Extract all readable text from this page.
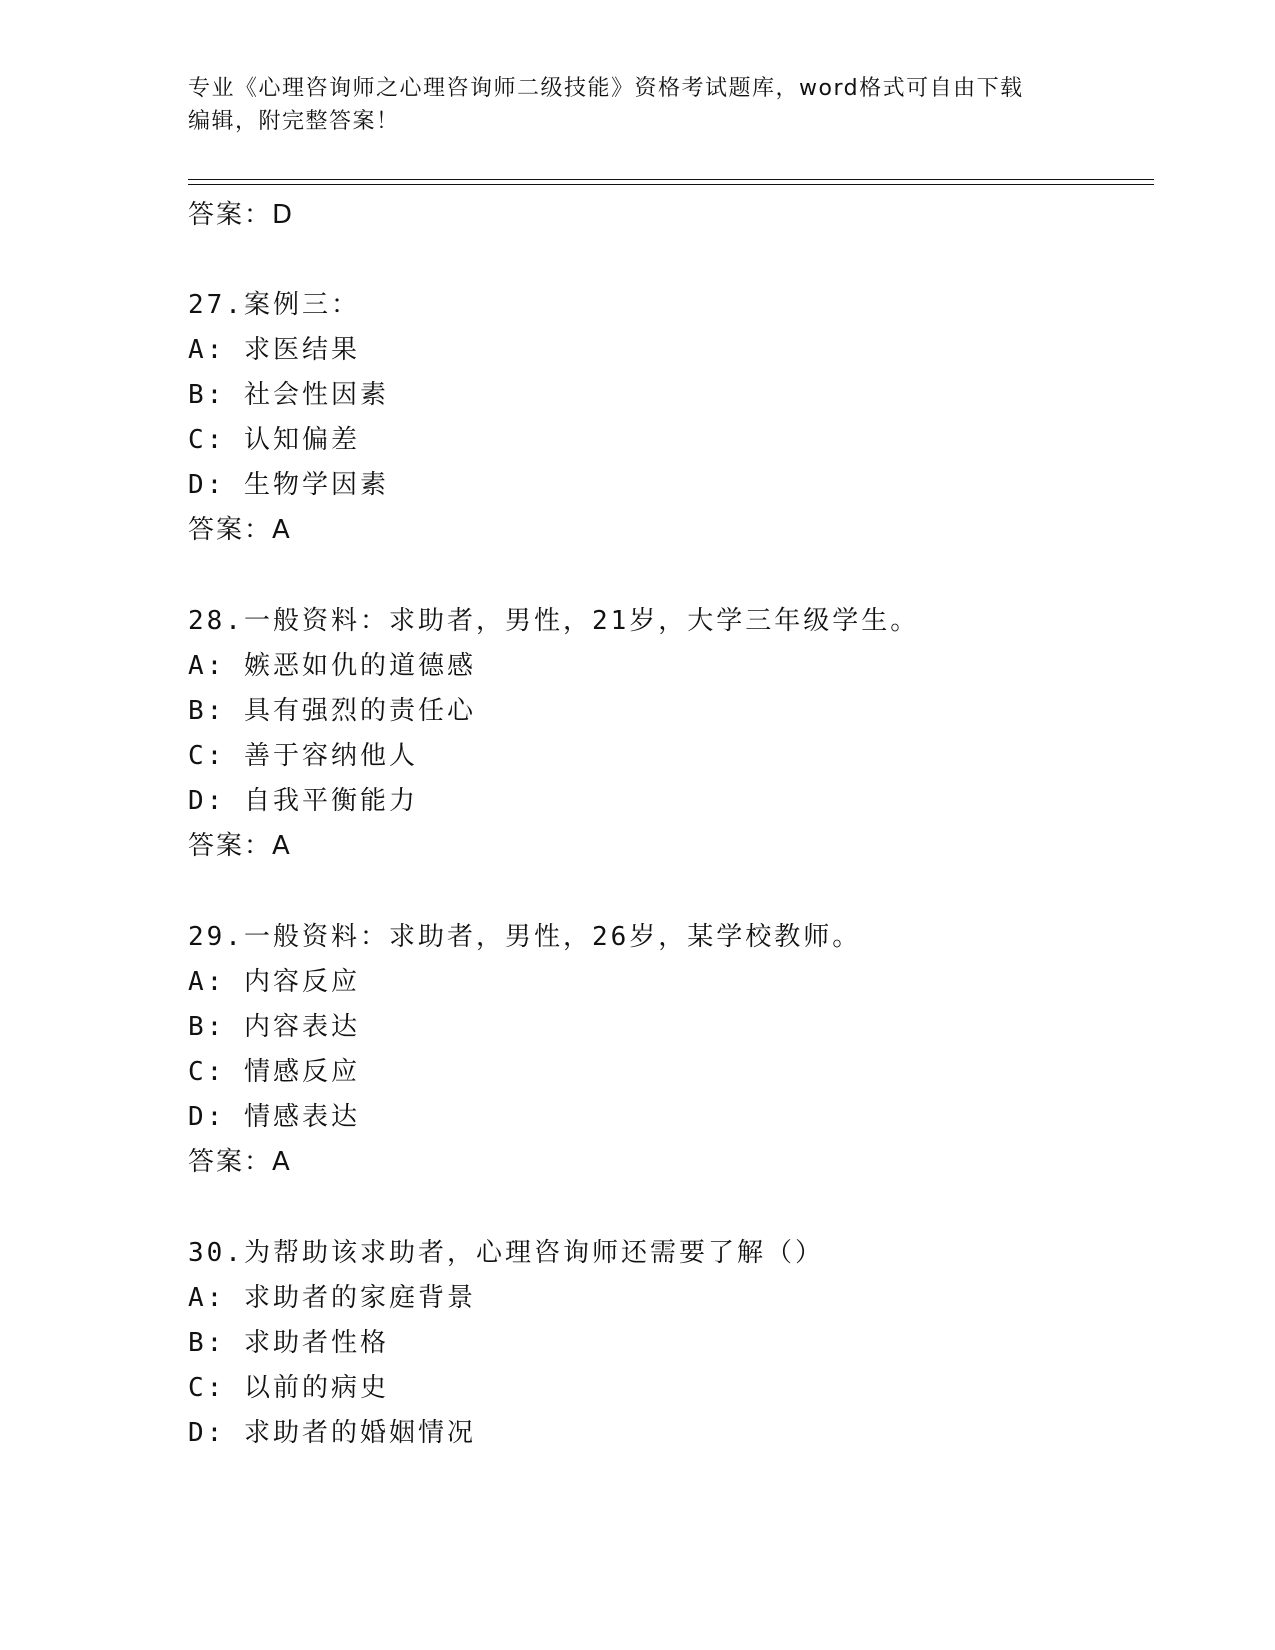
专业《心理咨询师之心理咨询师二级技能》资格考试题库，word格式可自由下载
编辑，附完整答案！
答案：D
27.案例三：
A: 求医结果
B: 社会性因素
C: 认知偏差
D: 生物学因素
答案：A
28.一般资料：求助者，男性，21岁，大学三年级学生。
A: 嫉恶如仇的道德感
B: 具有强烈的责任心
C: 善于容纳他人
D: 自我平衡能力
答案：A
29.一般资料：求助者，男性，26岁，某学校教师。
A: 内容反应
B: 内容表达
C: 情感反应
D: 情感表达
答案：A
30.为帮助该求助者，心理咨询师还需要了解（）
A: 求助者的家庭背景
B: 求助者性格
C: 以前的病史
D: 求助者的婚姻情况
